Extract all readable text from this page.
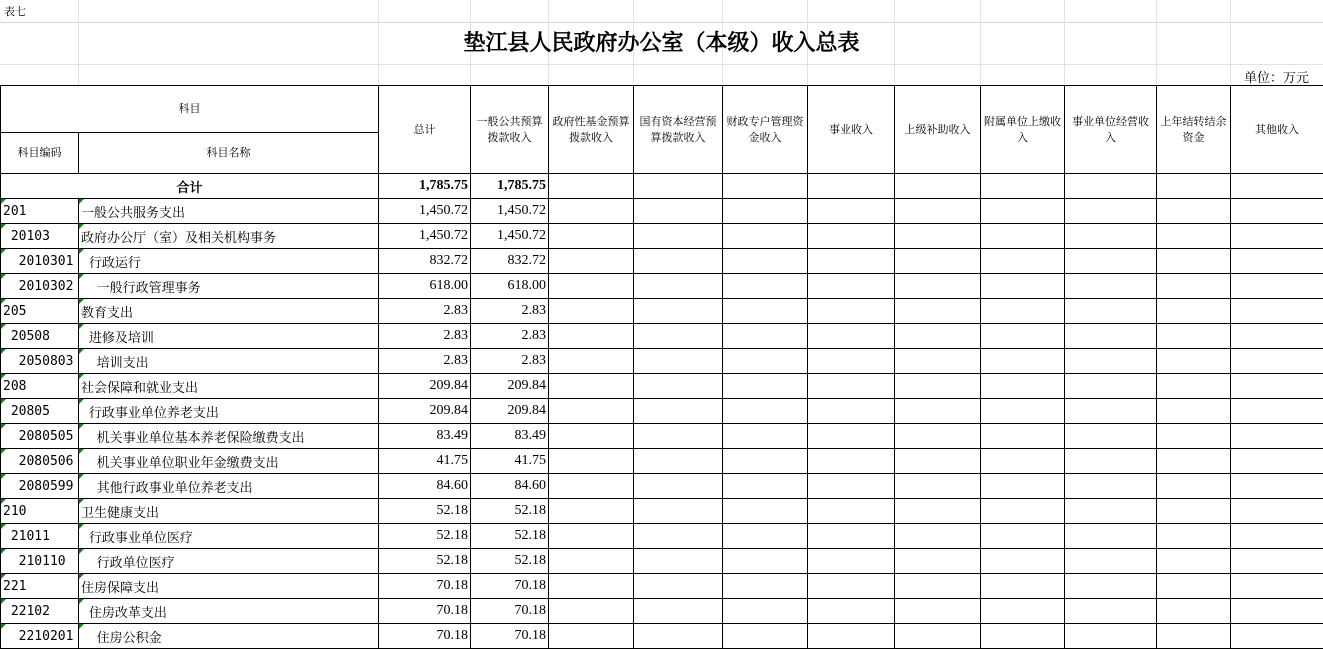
表七
垫江县人民政府办公室（本级）收入总表
单位：万元
科目		总计	一般公共预算拨款收入	政府性基金预算拨款收入	国有资本经营预算拨款收入	财政专户管理资金收入	事业收入	上级补助收入	附属单位上缴收入	事业单位经营收入	上年结转结余资金	其他收入
科目编码	科目名称											
合计		1,785.75	1,785.75									
201	一般公共服务支出	1,450.72	1,450.72									
20103	政府办公厅（室）及相关机构事务	1,450.72	1,450.72									
2010301	行政运行	832.72	832.72									
2010302	一般行政管理事务	618.00	618.00									
205	教育支出	2.83	2.83									
20508	进修及培训	2.83	2.83									
2050803	培训支出	2.83	2.83									
208	社会保障和就业支出	209.84	209.84									
20805	行政事业单位养老支出	209.84	209.84									
2080505	机关事业单位基本养老保险缴费支出	83.49	83.49									
2080506	机关事业单位职业年金缴费支出	41.75	41.75									
2080599	其他行政事业单位养老支出	84.60	84.60									
210	卫生健康支出	52.18	52.18									
21011	行政事业单位医疗	52.18	52.18									
210110	行政单位医疗	52.18	52.18									
221	住房保障支出	70.18	70.18									
22102	住房改革支出	70.18	70.18									
2210201	住房公积金	70.18	70.18									
